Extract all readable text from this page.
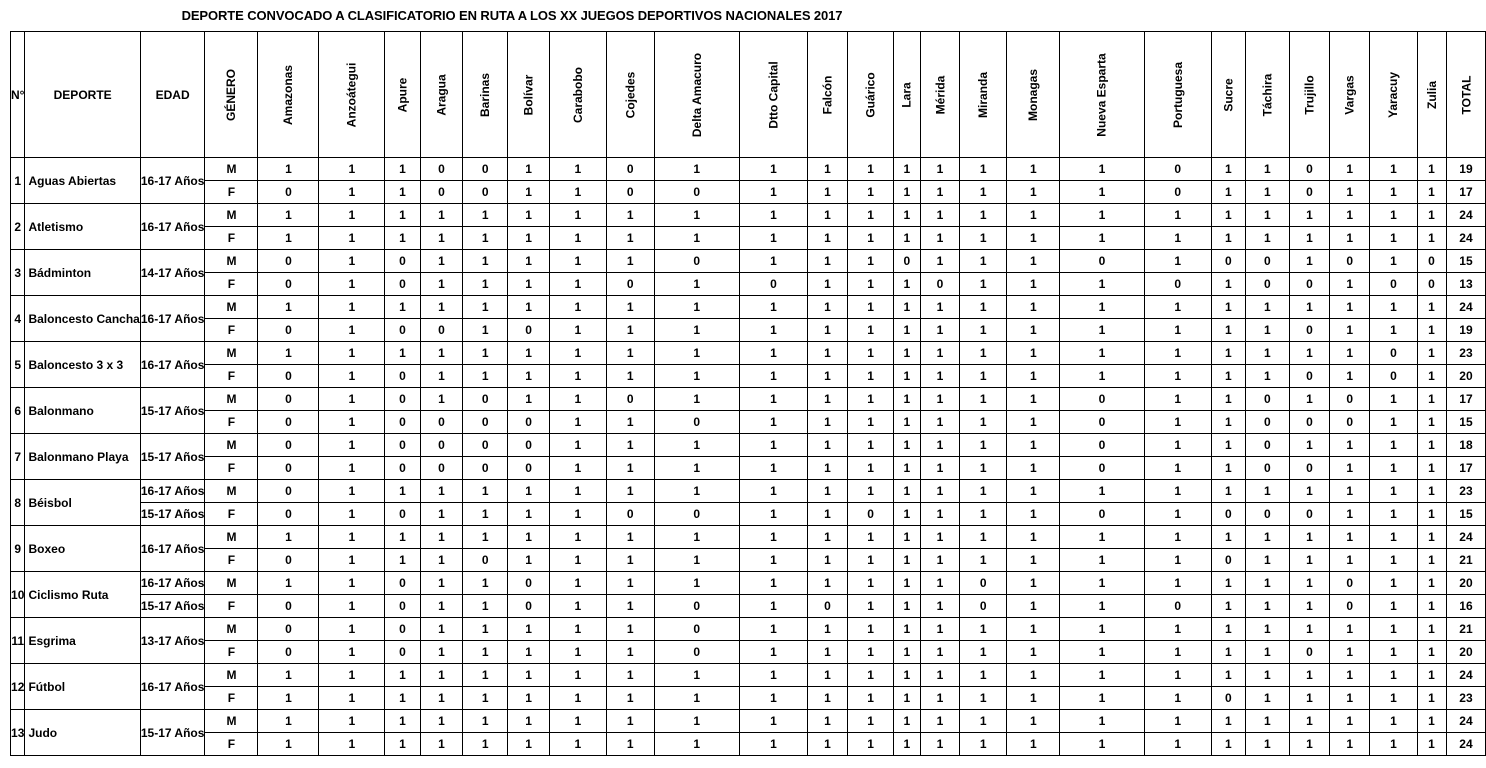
DEPORTE CONVOCADO A CLASIFICATORIO EN RUTA A LOS XX JUEGOS DEPORTIVOS NACIONALES 2017
N°	DEPORTE	EDAD	GÉNERO	Amazonas	Anzoátegui	Apure	Aragua	Barinas	Bolívar	Carabobo	Cojedes	Delta Amacuro	Dtto Capital	Falcón	Guárico	Lara	Mérida	Miranda	Monagas	Nueva Esparta	Portuguesa	Sucre	Táchira	Trujillo	Vargas	Yaracuy	Zulia	TOTAL
1	Aguas Abiertas	16-17 Años	M	1	1	1	0	0	1	1	0	1	1	1	1	1	1	1	1	1	0	1	1	0	1	1	1	19
			F	0	1	1	0	0	1	1	0	0	1	1	1	1	1	1	1	1	0	1	1	0	1	1	1	17
2	Atletismo	16-17 Años	M	1	1	1	1	1	1	1	1	1	1	1	1	1	1	1	1	1	1	1	1	1	1	1	1	24
			F	1	1	1	1	1	1	1	1	1	1	1	1	1	1	1	1	1	1	1	1	1	1	1	1	24
3	Bádminton	14-17 Años	M	0	1	0	1	1	1	1	1	0	1	1	1	0	1	1	1	0	1	0	0	1	0	1	0	15
			F	0	1	0	1	1	1	1	0	1	0	1	1	1	0	1	1	1	0	1	0	0	1	0	0	13
4	Baloncesto Cancha	16-17 Años	M	1	1	1	1	1	1	1	1	1	1	1	1	1	1	1	1	1	1	1	1	1	1	1	1	24
			F	0	1	0	0	1	0	1	1	1	1	1	1	1	1	1	1	1	1	1	1	0	1	1	1	19
5	Baloncesto 3 x 3	16-17 Años	M	1	1	1	1	1	1	1	1	1	1	1	1	1	1	1	1	1	1	1	1	1	1	0	1	23
			F	0	1	0	1	1	1	1	1	1	1	1	1	1	1	1	1	1	1	1	1	0	1	0	1	20
6	Balonmano	15-17 Años	M	0	1	0	1	0	1	1	0	1	1	1	1	1	1	1	1	0	1	1	0	1	0	1	1	17
			F	0	1	0	0	0	0	1	1	0	1	1	1	1	1	1	1	0	1	1	0	0	0	1	1	15
7	Balonmano Playa	15-17 Años	M	0	1	0	0	0	0	1	1	1	1	1	1	1	1	1	1	0	1	1	0	1	1	1	1	18
			F	0	1	0	0	0	0	1	1	1	1	1	1	1	1	1	1	0	1	1	0	0	1	1	1	17
8	Béisbol	16-17 Años	M	0	1	1	1	1	1	1	1	1	1	1	1	1	1	1	1	1	1	1	1	1	1	1	1	23
		15-17 Años	F	0	1	0	1	1	1	1	0	0	1	1	0	1	1	1	1	0	1	0	0	0	1	1	1	15
9	Boxeo	16-17 Años	M	1	1	1	1	1	1	1	1	1	1	1	1	1	1	1	1	1	1	1	1	1	1	1	1	24
			F	0	1	1	1	0	1	1	1	1	1	1	1	1	1	1	1	1	1	0	1	1	1	1	1	21
10	Ciclismo Ruta	16-17 Años	M	1	1	0	1	1	0	1	1	1	1	1	1	1	1	0	1	1	1	1	1	1	0	1	1	20
		15-17 Años	F	0	1	0	1	1	0	1	1	0	1	0	1	1	1	0	1	1	0	1	1	1	0	1	1	16
11	Esgrima	13-17 Años	M	0	1	0	1	1	1	1	1	0	1	1	1	1	1	1	1	1	1	1	1	1	1	1	1	21
			F	0	1	0	1	1	1	1	1	0	1	1	1	1	1	1	1	1	1	1	1	0	1	1	1	20
12	Fútbol	16-17 Años	M	1	1	1	1	1	1	1	1	1	1	1	1	1	1	1	1	1	1	1	1	1	1	1	1	24
			F	1	1	1	1	1	1	1	1	1	1	1	1	1	1	1	1	1	1	0	1	1	1	1	1	23
13	Judo	15-17 Años	M	1	1	1	1	1	1	1	1	1	1	1	1	1	1	1	1	1	1	1	1	1	1	1	1	24
			F	1	1	1	1	1	1	1	1	1	1	1	1	1	1	1	1	1	1	1	1	1	1	1	1	24
